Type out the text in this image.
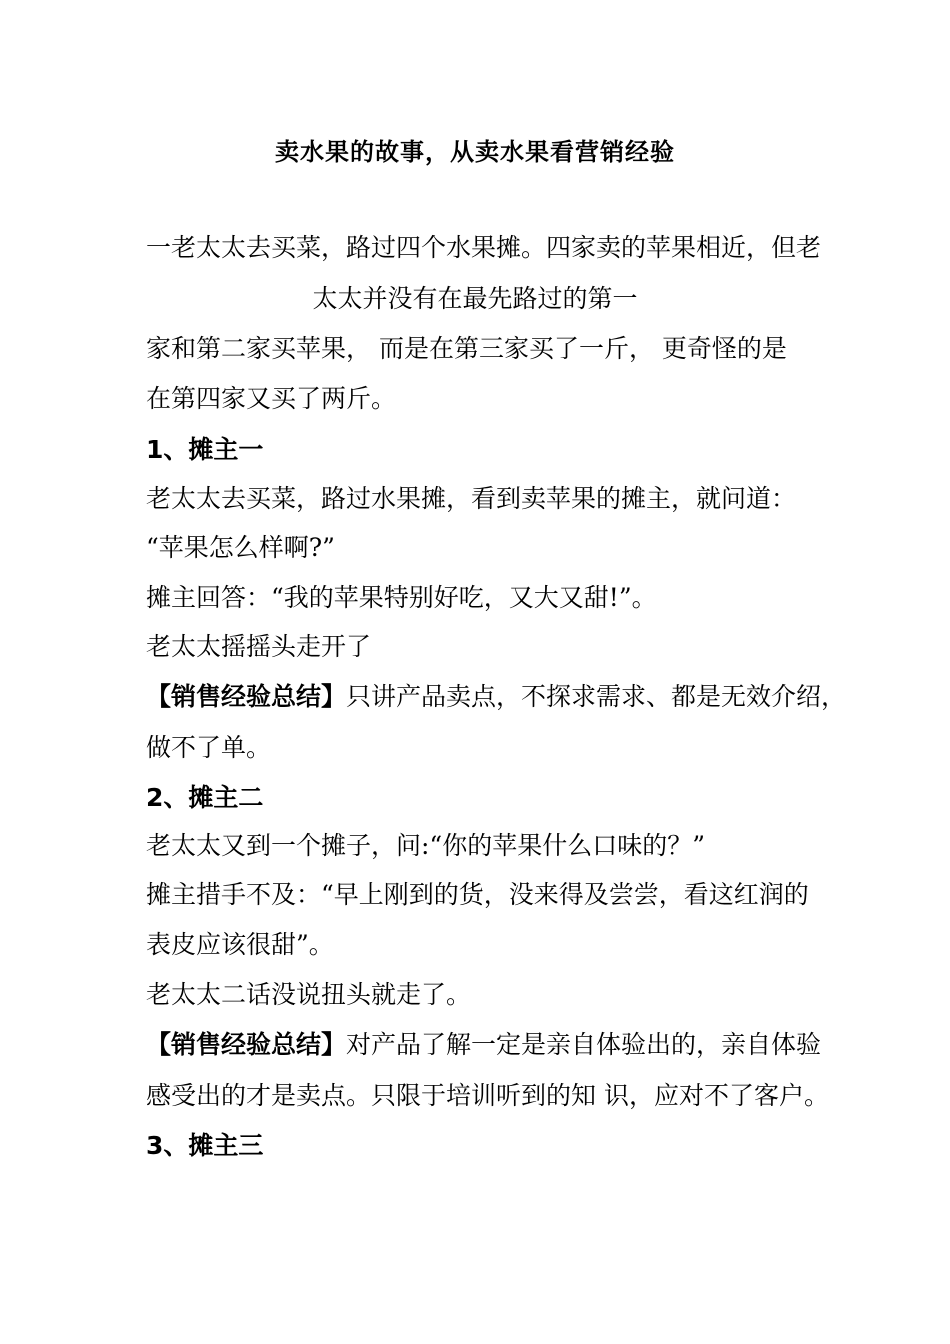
卖水果的故事，从卖水果看营销经验
一老太太去买菜，路过四个水果摊。四家卖的苹果相近，但老
太太并没有在最先路过的第一
家和第二家买苹果， 而是在第三家买了一斤， 更奇怪的是
在第四家又买了两斤。
1、摊主一
老太太去买菜，路过水果摊，看到卖苹果的摊主，就问道：
“苹果怎么样啊?”
摊主回答：“我的苹果特别好吃，又大又甜!”。
老太太摇摇头走开了
【销售经验总结】只讲产品卖点，不探求需求、都是无效介绍，
做不了单。
2、摊主二
老太太又到一个摊子，问:“你的苹果什么口味的？”
摊主措手不及：“早上刚到的货，没来得及尝尝，看这红润的
表皮应该很甜”。
老太太二话没说扭头就走了。
【销售经验总结】对产品了解一定是亲自体验出的，亲自体验
感受出的才是卖点。只限于培训听到的知 识，应对不了客户。
3、摊主三
